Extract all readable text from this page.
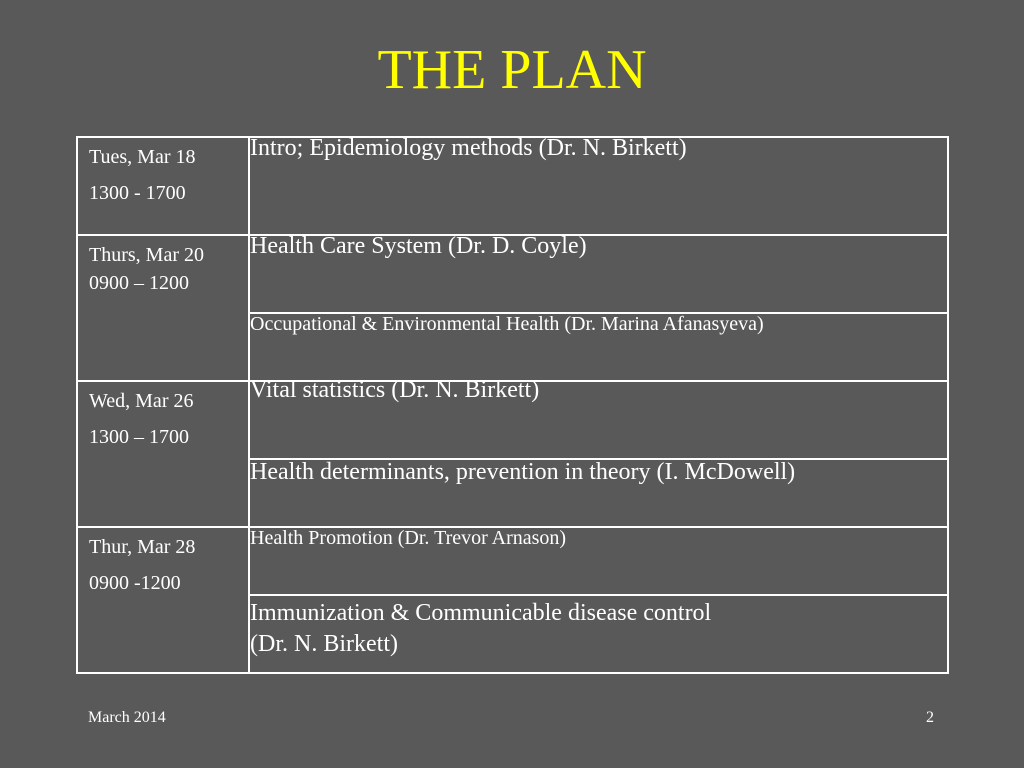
THE PLAN
Tues, Mar 18
1300 - 1700	Intro; Epidemiology methods (Dr. N. Birkett)

Thurs, Mar 20
0900 – 1200	Health Care System (Dr. D. Coyle)

	Occupational & Environmental Health (Dr. Marina Afanasyeva)

Wed, Mar 26
1300 – 1700	Vital statistics (Dr. N. Birkett)

	Health determinants, prevention in theory (I. McDowell)

Thur, Mar 28
0900 -1200	Health Promotion (Dr. Trevor Arnason)

	Immunization & Communicable disease control
(Dr. N. Birkett)
March 2014	2
